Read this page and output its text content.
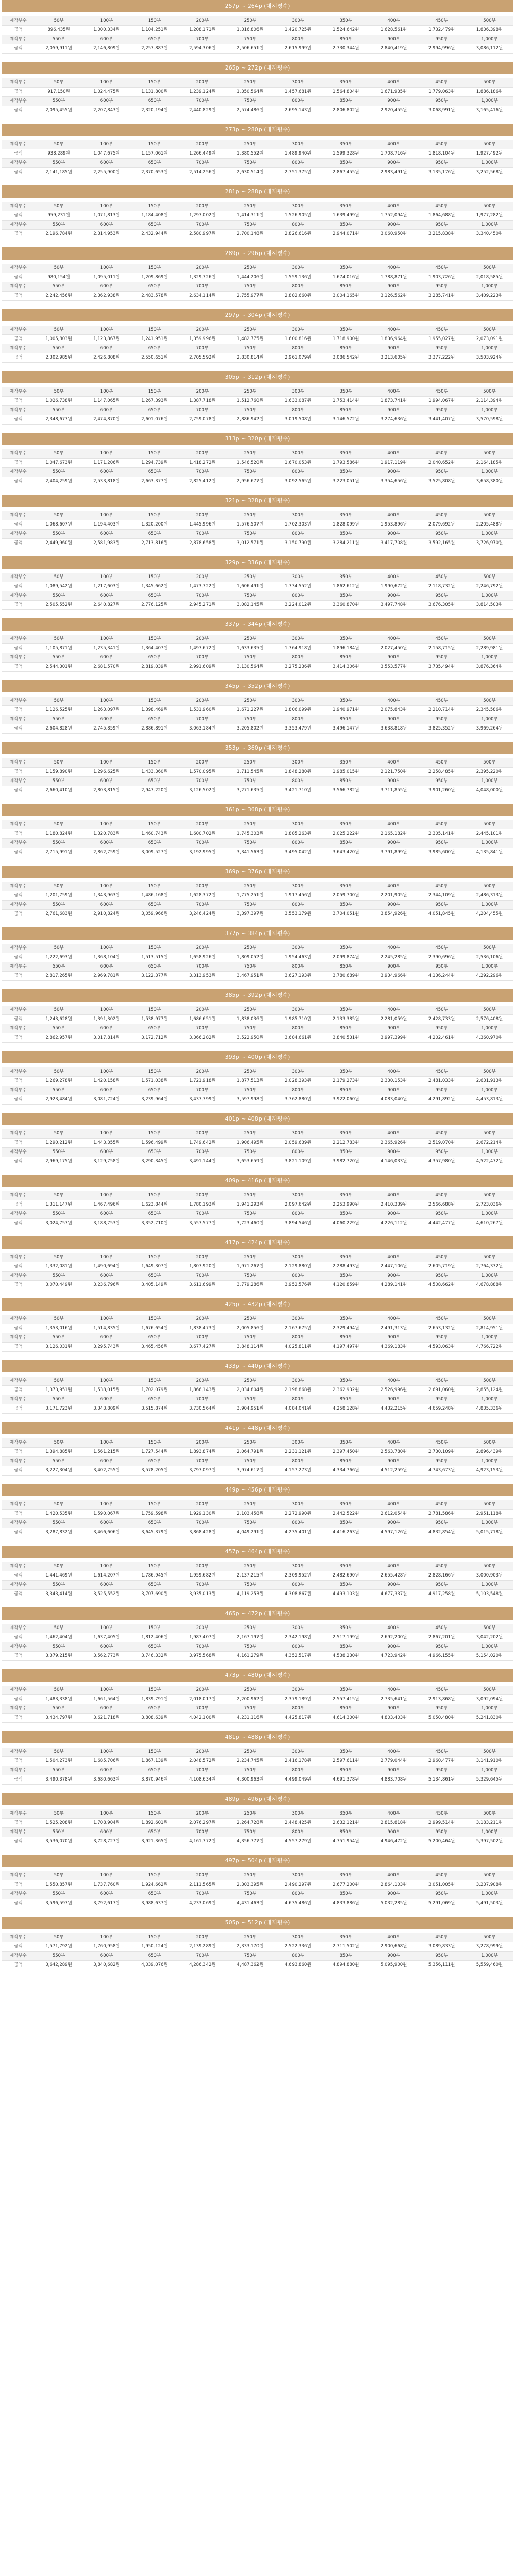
257p ~ 264p (대지평수)
제작부수	50부	100부	150부	200부	250부	300부	350부	400부	450부	500부
금액	896,435원	1,000,334원	1,104,251원	1,208,171원	1,316,806원	1,420,725원	1,524,642원	1,628,561원	1,732,479원	1,836,398원
제작부수	550부	600부	650부	700부	750부	800부	850부	900부	950부	1,000부
금액	2,059,911원	2,146,809원	2,257,887원	2,594,306원	2,506,651원	2,615,999원	2,730,344원	2,840,419원	2,994,996원	3,086,112원
265p ~ 272p (대지평수)
제작부수	50부	100부	150부	200부	250부	300부	350부	400부	450부	500부
금액	917,150원	1,024,475원	1,131,800원	1,239,124원	1,350,564원	1,457,681원	1,564,804원	1,671,935원	1,779,063원	1,886,186원
제작부수	550부	600부	650부	700부	750부	800부	850부	900부	950부	1,000부
금액	2,095,455원	2,207,843원	2,320,194원	2,440,829원	2,574,486원	2,695,143원	2,806,802원	2,920,455원	3,068,991원	3,165,416원
273p ~ 280p (대지평수)
제작부수	50부	100부	150부	200부	250부	300부	350부	400부	450부	500부
금액	938,289원	1,047,675원	1,157,061원	1,266,449원	1,380,552원	1,489,940원	1,599,328원	1,708,716원	1,818,104원	1,927,492원
제작부수	550부	600부	650부	700부	750부	800부	850부	900부	950부	1,000부
금액	2,141,185원	2,255,900원	2,370,653원	2,514,256원	2,630,514원	2,751,375원	2,867,455원	2,983,491원	3,135,176원	3,252,568원
281p ~ 288p (대지평수)
제작부수	50부	100부	150부	200부	250부	300부	350부	400부	450부	500부
금액	959,231원	1,071,813원	1,184,408원	1,297,002원	1,414,311원	1,526,905원	1,639,499원	1,752,094원	1,864,688원	1,977,282원
제작부수	550부	600부	650부	700부	750부	800부	850부	900부	950부	1,000부
금액	2,196,784원	2,314,953원	2,432,944원	2,580,997원	2,700,148원	2,826,616원	2,944,071원	3,060,950원	3,215,838원	3,340,450원
289p ~ 296p (대지평수)
제작부수	50부	100부	150부	200부	250부	300부	350부	400부	450부	500부
금액	980,154원	1,095,011원	1,209,869원	1,329,726원	1,444,206원	1,559,136원	1,674,016원	1,788,871원	1,903,726원	2,018,585원
제작부수	550부	600부	650부	700부	750부	800부	850부	900부	950부	1,000부
금액	2,242,456원	2,362,938원	2,483,578원	2,634,114원	2,755,977원	2,882,660원	3,004,165원	3,126,562원	3,285,741원	3,409,223원
297p ~ 304p (대지평수)
제작부수	50부	100부	150부	200부	250부	300부	350부	400부	450부	500부
금액	1,005,803원	1,123,867원	1,241,951원	1,359,996원	1,482,775원	1,600,816원	1,718,900원	1,836,964원	1,955,027원	2,073,091원
제작부수	550부	600부	650부	700부	750부	800부	850부	900부	950부	1,000부
금액	2,302,985원	2,426,808원	2,550,651원	2,705,592원	2,830,814원	2,961,079원	3,086,542원	3,213,605원	3,377,222원	3,503,924원
305p ~ 312p (대지평수)
제작부수	50부	100부	150부	200부	250부	300부	350부	400부	450부	500부
금액	1,026,738원	1,147,065원	1,267,393원	1,387,718원	1,512,760원	1,633,087원	1,753,414원	1,873,741원	1,994,067원	2,114,394원
제작부수	550부	600부	650부	700부	750부	800부	850부	900부	950부	1,000부
금액	2,348,677원	2,474,870원	2,601,076원	2,759,078원	2,886,942원	3,019,508원	3,146,572원	3,274,636원	3,441,407원	3,570,598원
313p ~ 320p (대지평수)
제작부수	50부	100부	150부	200부	250부	300부	350부	400부	450부	500부
금액	1,047,673원	1,171,206원	1,294,739원	1,418,272원	1,546,520원	1,670,053원	1,793,586원	1,917,119원	2,040,652원	2,164,185원
제작부수	550부	600부	650부	700부	750부	800부	850부	900부	950부	1,000부
금액	2,404,259원	2,533,818원	2,663,377원	2,825,412원	2,956,677원	3,092,565원	3,223,051원	3,354,656원	3,525,808원	3,658,380원
321p ~ 328p (대지평수)
제작부수	50부	100부	150부	200부	250부	300부	350부	400부	450부	500부
금액	1,068,607원	1,194,403원	1,320,200원	1,445,996원	1,576,507원	1,702,303원	1,828,099원	1,953,896원	2,079,692원	2,205,488원
제작부수	550부	600부	650부	700부	750부	800부	850부	900부	950부	1,000부
금액	2,449,960원	2,581,983원	2,713,816원	2,878,658원	3,012,571원	3,150,790원	3,284,211원	3,417,708원	3,592,165원	3,726,970원
329p ~ 336p (대지평수)
제작부수	50부	100부	150부	200부	250부	300부	350부	400부	450부	500부
금액	1,089,542원	1,217,603원	1,345,662원	1,473,722원	1,606,491원	1,734,552원	1,862,612원	1,990,672원	2,118,732원	2,246,792원
제작부수	550부	600부	650부	700부	750부	800부	850부	900부	950부	1,000부
금액	2,505,552원	2,640,827원	2,776,125원	2,945,271원	3,082,145원	3,224,012원	3,360,870원	3,497,748원	3,676,305원	3,814,503원
337p ~ 344p (대지평수)
제작부수	50부	100부	150부	200부	250부	300부	350부	400부	450부	500부
금액	1,105,871원	1,235,341원	1,364,407원	1,497,672원	1,633,635원	1,764,918원	1,896,184원	2,027,450원	2,158,715원	2,289,981원
제작부수	550부	600부	650부	700부	750부	800부	850부	900부	950부	1,000부
금액	2,544,301원	2,681,570원	2,819,039원	2,991,609원	3,130,564원	3,275,236원	3,414,306원	3,553,577원	3,735,494원	3,876,364원
345p ~ 352p (대지평수)
제작부수	50부	100부	150부	200부	250부	300부	350부	400부	450부	500부
금액	1,126,525원	1,263,097원	1,398,469원	1,531,960원	1,671,227원	1,806,099원	1,940,971원	2,075,843원	2,210,714원	2,345,586원
제작부수	550부	600부	650부	700부	750부	800부	850부	900부	950부	1,000부
금액	2,604,828원	2,745,859원	2,886,891원	3,063,184원	3,205,802원	3,353,479원	3,496,147원	3,638,818원	3,825,352원	3,969,264원
353p ~ 360p (대지평수)
제작부수	50부	100부	150부	200부	250부	300부	350부	400부	450부	500부
금액	1,159,890원	1,296,625원	1,433,360원	1,570,095원	1,711,545원	1,848,280원	1,985,015원	2,121,750원	2,258,485원	2,395,220원
제작부수	550부	600부	650부	700부	750부	800부	850부	900부	950부	1,000부
금액	2,660,410원	2,803,815원	2,947,220원	3,126,502원	3,271,635원	3,421,710원	3,566,782원	3,711,855원	3,901,260원	4,048,000원
361p ~ 368p (대지평수)
제작부수	50부	100부	150부	200부	250부	300부	350부	400부	450부	500부
금액	1,180,824원	1,320,783원	1,460,743원	1,600,702원	1,745,303원	1,885,263원	2,025,222원	2,165,182원	2,305,141원	2,445,101원
제작부수	550부	600부	650부	700부	750부	800부	850부	900부	950부	1,000부
금액	2,715,991원	2,862,759원	3,009,527원	3,192,995원	3,341,563원	3,495,042원	3,643,420원	3,791,899원	3,985,600원	4,135,841원
369p ~ 376p (대지평수)
제작부수	50부	100부	150부	200부	250부	300부	350부	400부	450부	500부
금액	1,201,759원	1,343,963원	1,486,168원	1,628,372원	1,775,251원	1,917,456원	2,059,700원	2,201,905원	2,344,109원	2,486,313원
제작부수	550부	600부	650부	700부	750부	800부	850부	900부	950부	1,000부
금액	2,761,683원	2,910,824원	3,059,966원	3,246,424원	3,397,397원	3,553,179원	3,704,051원	3,854,926원	4,051,845원	4,204,455원
377p ~ 384p (대지평수)
제작부수	50부	100부	150부	200부	250부	300부	350부	400부	450부	500부
금액	1,222,693원	1,368,104원	1,513,515원	1,658,926원	1,809,052원	1,954,463원	2,099,874원	2,245,285원	2,390,696원	2,536,106원
제작부수	550부	600부	650부	700부	750부	800부	850부	900부	950부	1,000부
금액	2,817,265원	2,969,781원	3,122,377원	3,313,953원	3,467,951원	3,627,193원	3,780,689원	3,934,966원	4,136,244원	4,292,296원
385p ~ 392p (대지평수)
제작부수	50부	100부	150부	200부	250부	300부	350부	400부	450부	500부
금액	1,243,628원	1,391,302원	1,538,977원	1,686,651원	1,838,036원	1,985,710원	2,133,385원	2,281,059원	2,428,733원	2,576,408원
제작부수	550부	600부	650부	700부	750부	800부	850부	900부	950부	1,000부
금액	2,862,957원	3,017,814원	3,172,712원	3,366,282원	3,522,950원	3,684,661원	3,840,531원	3,997,399원	4,202,461원	4,360,970원
393p ~ 400p (대지평수)
제작부수	50부	100부	150부	200부	250부	300부	350부	400부	450부	500부
금액	1,269,278원	1,420,158원	1,571,038원	1,721,918원	1,877,513원	2,028,393원	2,179,273원	2,330,153원	2,481,033원	2,631,913원
제작부수	550부	600부	650부	700부	750부	800부	850부	900부	950부	1,000부
금액	2,923,484원	3,081,724원	3,239,964원	3,437,799원	3,597,998원	3,762,880원	3,922,060원	4,083,040원	4,291,892원	4,453,813원
401p ~ 408p (대지평수)
제작부수	50부	100부	150부	200부	250부	300부	350부	400부	450부	500부
금액	1,290,212원	1,443,355원	1,596,499원	1,749,642원	1,906,495원	2,059,639원	2,212,783원	2,365,926원	2,519,070원	2,672,214원
제작부수	550부	600부	650부	700부	750부	800부	850부	900부	950부	1,000부
금액	2,969,175원	3,129,758원	3,290,345원	3,491,144원	3,653,659원	3,821,109원	3,982,720원	4,146,033원	4,357,980원	4,522,472원
409p ~ 416p (대지평수)
제작부수	50부	100부	150부	200부	250부	300부	350부	400부	450부	500부
금액	1,311,147원	1,467,496원	1,623,844원	1,780,193원	1,941,293원	2,097,642원	2,253,990원	2,410,339원	2,566,688원	2,723,036원
제작부수	550부	600부	650부	700부	750부	800부	850부	900부	950부	1,000부
금액	3,024,757원	3,188,753원	3,352,710원	3,557,577원	3,723,460원	3,894,546원	4,060,229원	4,226,112원	4,442,477원	4,610,267원
417p ~ 424p (대지평수)
제작부수	50부	100부	150부	200부	250부	300부	350부	400부	450부	500부
금액	1,332,081원	1,490,694원	1,649,307원	1,807,920원	1,971,267원	2,129,880원	2,288,493원	2,447,106원	2,605,719원	2,764,332원
제작부수	550부	600부	650부	700부	750부	800부	850부	900부	950부	1,000부
금액	3,070,449원	3,236,796원	3,405,149원	3,611,699원	3,779,286원	3,952,576원	4,120,859원	4,289,141원	4,508,662원	4,678,888원
425p ~ 432p (대지평수)
제작부수	50부	100부	150부	200부	250부	300부	350부	400부	450부	500부
금액	1,353,016원	1,514,835원	1,676,654원	1,838,473원	2,005,856원	2,167,675원	2,329,494원	2,491,313원	2,653,132원	2,814,951원
제작부수	550부	600부	650부	700부	750부	800부	850부	900부	950부	1,000부
금액	3,126,031원	3,295,743원	3,465,456원	3,677,427원	3,848,114원	4,025,811원	4,197,497원	4,369,183원	4,593,063원	4,766,722원
433p ~ 440p (대지평수)
제작부수	50부	100부	150부	200부	250부	300부	350부	400부	450부	500부
금액	1,373,951원	1,538,015원	1,702,079원	1,866,143원	2,034,804원	2,198,868원	2,362,932원	2,526,996원	2,691,060원	2,855,124원
제작부수	550부	600부	650부	700부	750부	800부	850부	900부	950부	1,000부
금액	3,171,723원	3,343,809원	3,515,874원	3,730,564원	3,904,951원	4,084,041원	4,258,128원	4,432,215원	4,659,248원	4,835,336원
441p ~ 448p (대지평수)
제작부수	50부	100부	150부	200부	250부	300부	350부	400부	450부	500부
금액	1,394,885원	1,561,215원	1,727,544원	1,893,874원	2,064,791원	2,231,121원	2,397,450원	2,563,780원	2,730,109원	2,896,439원
제작부수	550부	600부	650부	700부	750부	800부	850부	900부	950부	1,000부
금액	3,227,304원	3,402,755원	3,578,205원	3,797,097원	3,974,617원	4,157,273원	4,334,766원	4,512,259원	4,743,673원	4,923,153원
449p ~ 456p (대지평수)
제작부수	50부	100부	150부	200부	250부	300부	350부	400부	450부	500부
금액	1,420,535원	1,590,067원	1,759,598원	1,929,130원	2,103,458원	2,272,990원	2,442,522원	2,612,054원	2,781,586원	2,951,118원
제작부수	550부	600부	650부	700부	750부	800부	850부	900부	950부	1,000부
금액	3,287,832원	3,466,606원	3,645,379원	3,868,428원	4,049,291원	4,235,401원	4,416,263원	4,597,126원	4,832,854원	5,015,718원
457p ~ 464p (대지평수)
제작부수	50부	100부	150부	200부	250부	300부	350부	400부	450부	500부
금액	1,441,469원	1,614,207원	1,786,945원	1,959,682원	2,137,215원	2,309,952원	2,482,690원	2,655,428원	2,828,166원	3,000,903원
제작부수	550부	600부	650부	700부	750부	800부	850부	900부	950부	1,000부
금액	3,343,414원	3,525,552원	3,707,690원	3,935,013원	4,119,253원	4,308,867원	4,493,103원	4,677,337원	4,917,258원	5,103,548원
465p ~ 472p (대지평수)
제작부수	50부	100부	150부	200부	250부	300부	350부	400부	450부	500부
금액	1,462,404원	1,637,405원	1,812,406원	1,987,407원	2,167,197원	2,342,198원	2,517,199원	2,692,200원	2,867,201원	3,042,202원
제작부수	550부	600부	650부	700부	750부	800부	850부	900부	950부	1,000부
금액	3,379,215원	3,562,773원	3,746,332원	3,975,568원	4,161,279원	4,352,517원	4,538,230원	4,723,942원	4,966,155원	5,154,020원
473p ~ 480p (대지평수)
제작부수	50부	100부	150부	200부	250부	300부	350부	400부	450부	500부
금액	1,483,338원	1,661,564원	1,839,791원	2,018,017원	2,200,962원	2,379,189원	2,557,415원	2,735,641원	2,913,868원	3,092,094원
제작부수	550부	600부	650부	700부	750부	800부	850부	900부	950부	1,000부
금액	3,434,797원	3,621,718원	3,808,639원	4,042,100원	4,231,116원	4,425,817원	4,614,300원	4,803,403원	5,050,480원	5,241,830원
481p ~ 488p (대지평수)
제작부수	50부	100부	150부	200부	250부	300부	350부	400부	450부	500부
금액	1,504,273원	1,685,706원	1,867,139원	2,048,572원	2,234,745원	2,416,178원	2,597,611원	2,779,044원	2,960,477원	3,141,910원
제작부수	550부	600부	650부	700부	750부	800부	850부	900부	950부	1,000부
금액	3,490,378원	3,680,663원	3,870,946원	4,108,634원	4,300,963원	4,499,049원	4,691,378원	4,883,708원	5,134,861원	5,329,645원
489p ~ 496p (대지평수)
제작부수	50부	100부	150부	200부	250부	300부	350부	400부	450부	500부
금액	1,525,208원	1,708,904원	1,892,601원	2,076,297원	2,264,728원	2,448,425원	2,632,121원	2,815,818원	2,999,514원	3,183,211원
제작부수	550부	600부	650부	700부	750부	800부	850부	900부	950부	1,000부
금액	3,536,070원	3,728,727원	3,921,365원	4,161,772원	4,356,777원	4,557,279원	4,751,954원	4,946,472원	5,200,464원	5,397,502원
497p ~ 504p (대지평수)
제작부수	50부	100부	150부	200부	250부	300부	350부	400부	450부	500부
금액	1,550,857원	1,737,760원	1,924,662원	2,111,565원	2,303,395원	2,490,297원	2,677,200원	2,864,103원	3,051,005원	3,237,908원
제작부수	550부	600부	650부	700부	750부	800부	850부	900부	950부	1,000부
금액	3,596,597원	3,792,617원	3,988,637원	4,233,069원	4,431,463원	4,635,486원	4,833,886원	5,032,285원	5,291,069원	5,491,503원
505p ~ 512p (대지평수)
제작부수	50부	100부	150부	200부	250부	300부	350부	400부	450부	500부
금액	1,571,792원	1,760,958원	1,950,124원	2,139,289원	2,333,170원	2,522,336원	2,711,502원	2,900,668원	3,089,833원	3,278,999원
제작부수	550부	600부	650부	700부	750부	800부	850부	900부	950부	1,000부
금액	3,642,289원	3,840,682원	4,039,076원	4,286,342원	4,487,362원	4,693,860원	4,894,880원	5,095,900원	5,356,111원	5,559,460원
